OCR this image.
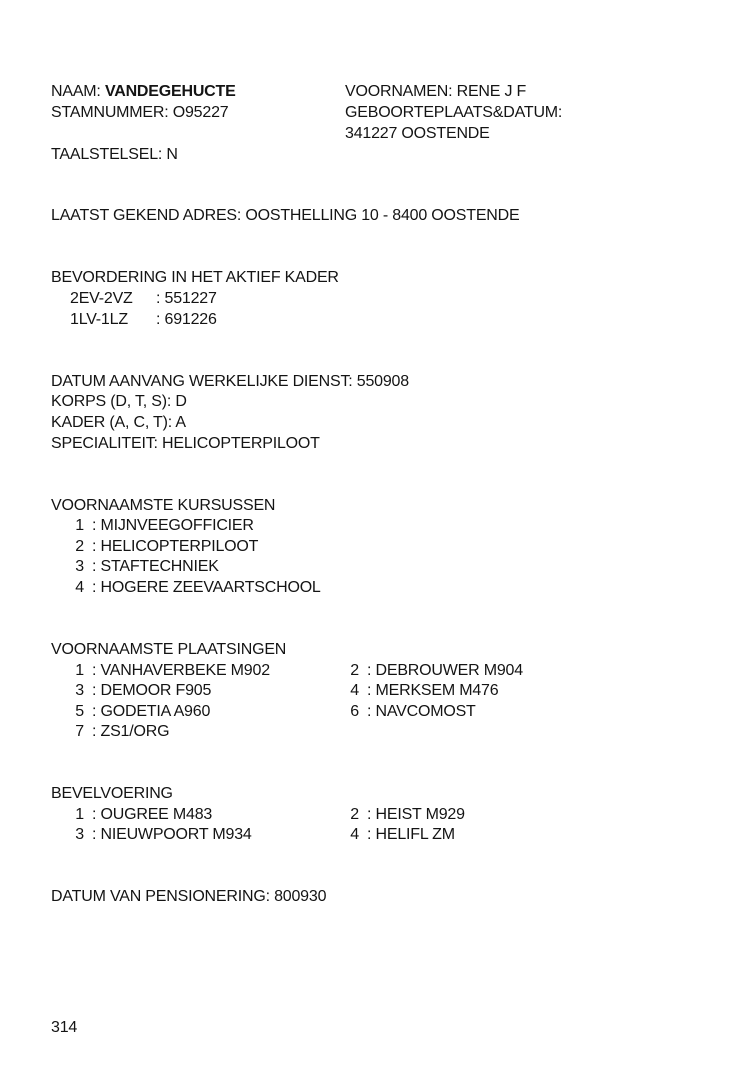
NAAM: VANDEGEHUCTE
STAMNUMMER: O95227
TAALSTELSEL: N
VOORNAMEN: RENE J F
GEBOORTEPLAATS&DATUM:
341227 OOSTENDE
LAATST GEKEND ADRES: OOSTHELLING 10 - 8400 OOSTENDE
BEVORDERING IN HET AKTIEF KADER
2EV-2VZ : 551227
1LV-1LZ : 691226
DATUM AANVANG WERKELIJKE DIENST: 550908
KORPS (D, T, S): D
KADER (A, C, T): A
SPECIALITEIT: HELICOPTERPILOOT
VOORNAAMSTE KURSUSSEN
1 : MIJNVEEGOFFICIER
2 : HELICOPTERPILOOT
3 : STAFTECHNIEK
4 : HOGERE ZEEVAARTSCHOOL
VOORNAAMSTE PLAATSINGEN
1 : VANHAVERBEKE M902	2 : DEBROUWER M904
3 : DEMOOR F905	4 : MERKSEM M476
5 : GODETIA A960	6 : NAVCOMOST
7 : ZS1/ORG
BEVELVOERING
1 : OUGREE M483	2 : HEIST M929
3 : NIEUWPOORT M934	4 : HELIFL ZM
DATUM VAN PENSIONERING: 800930
314
